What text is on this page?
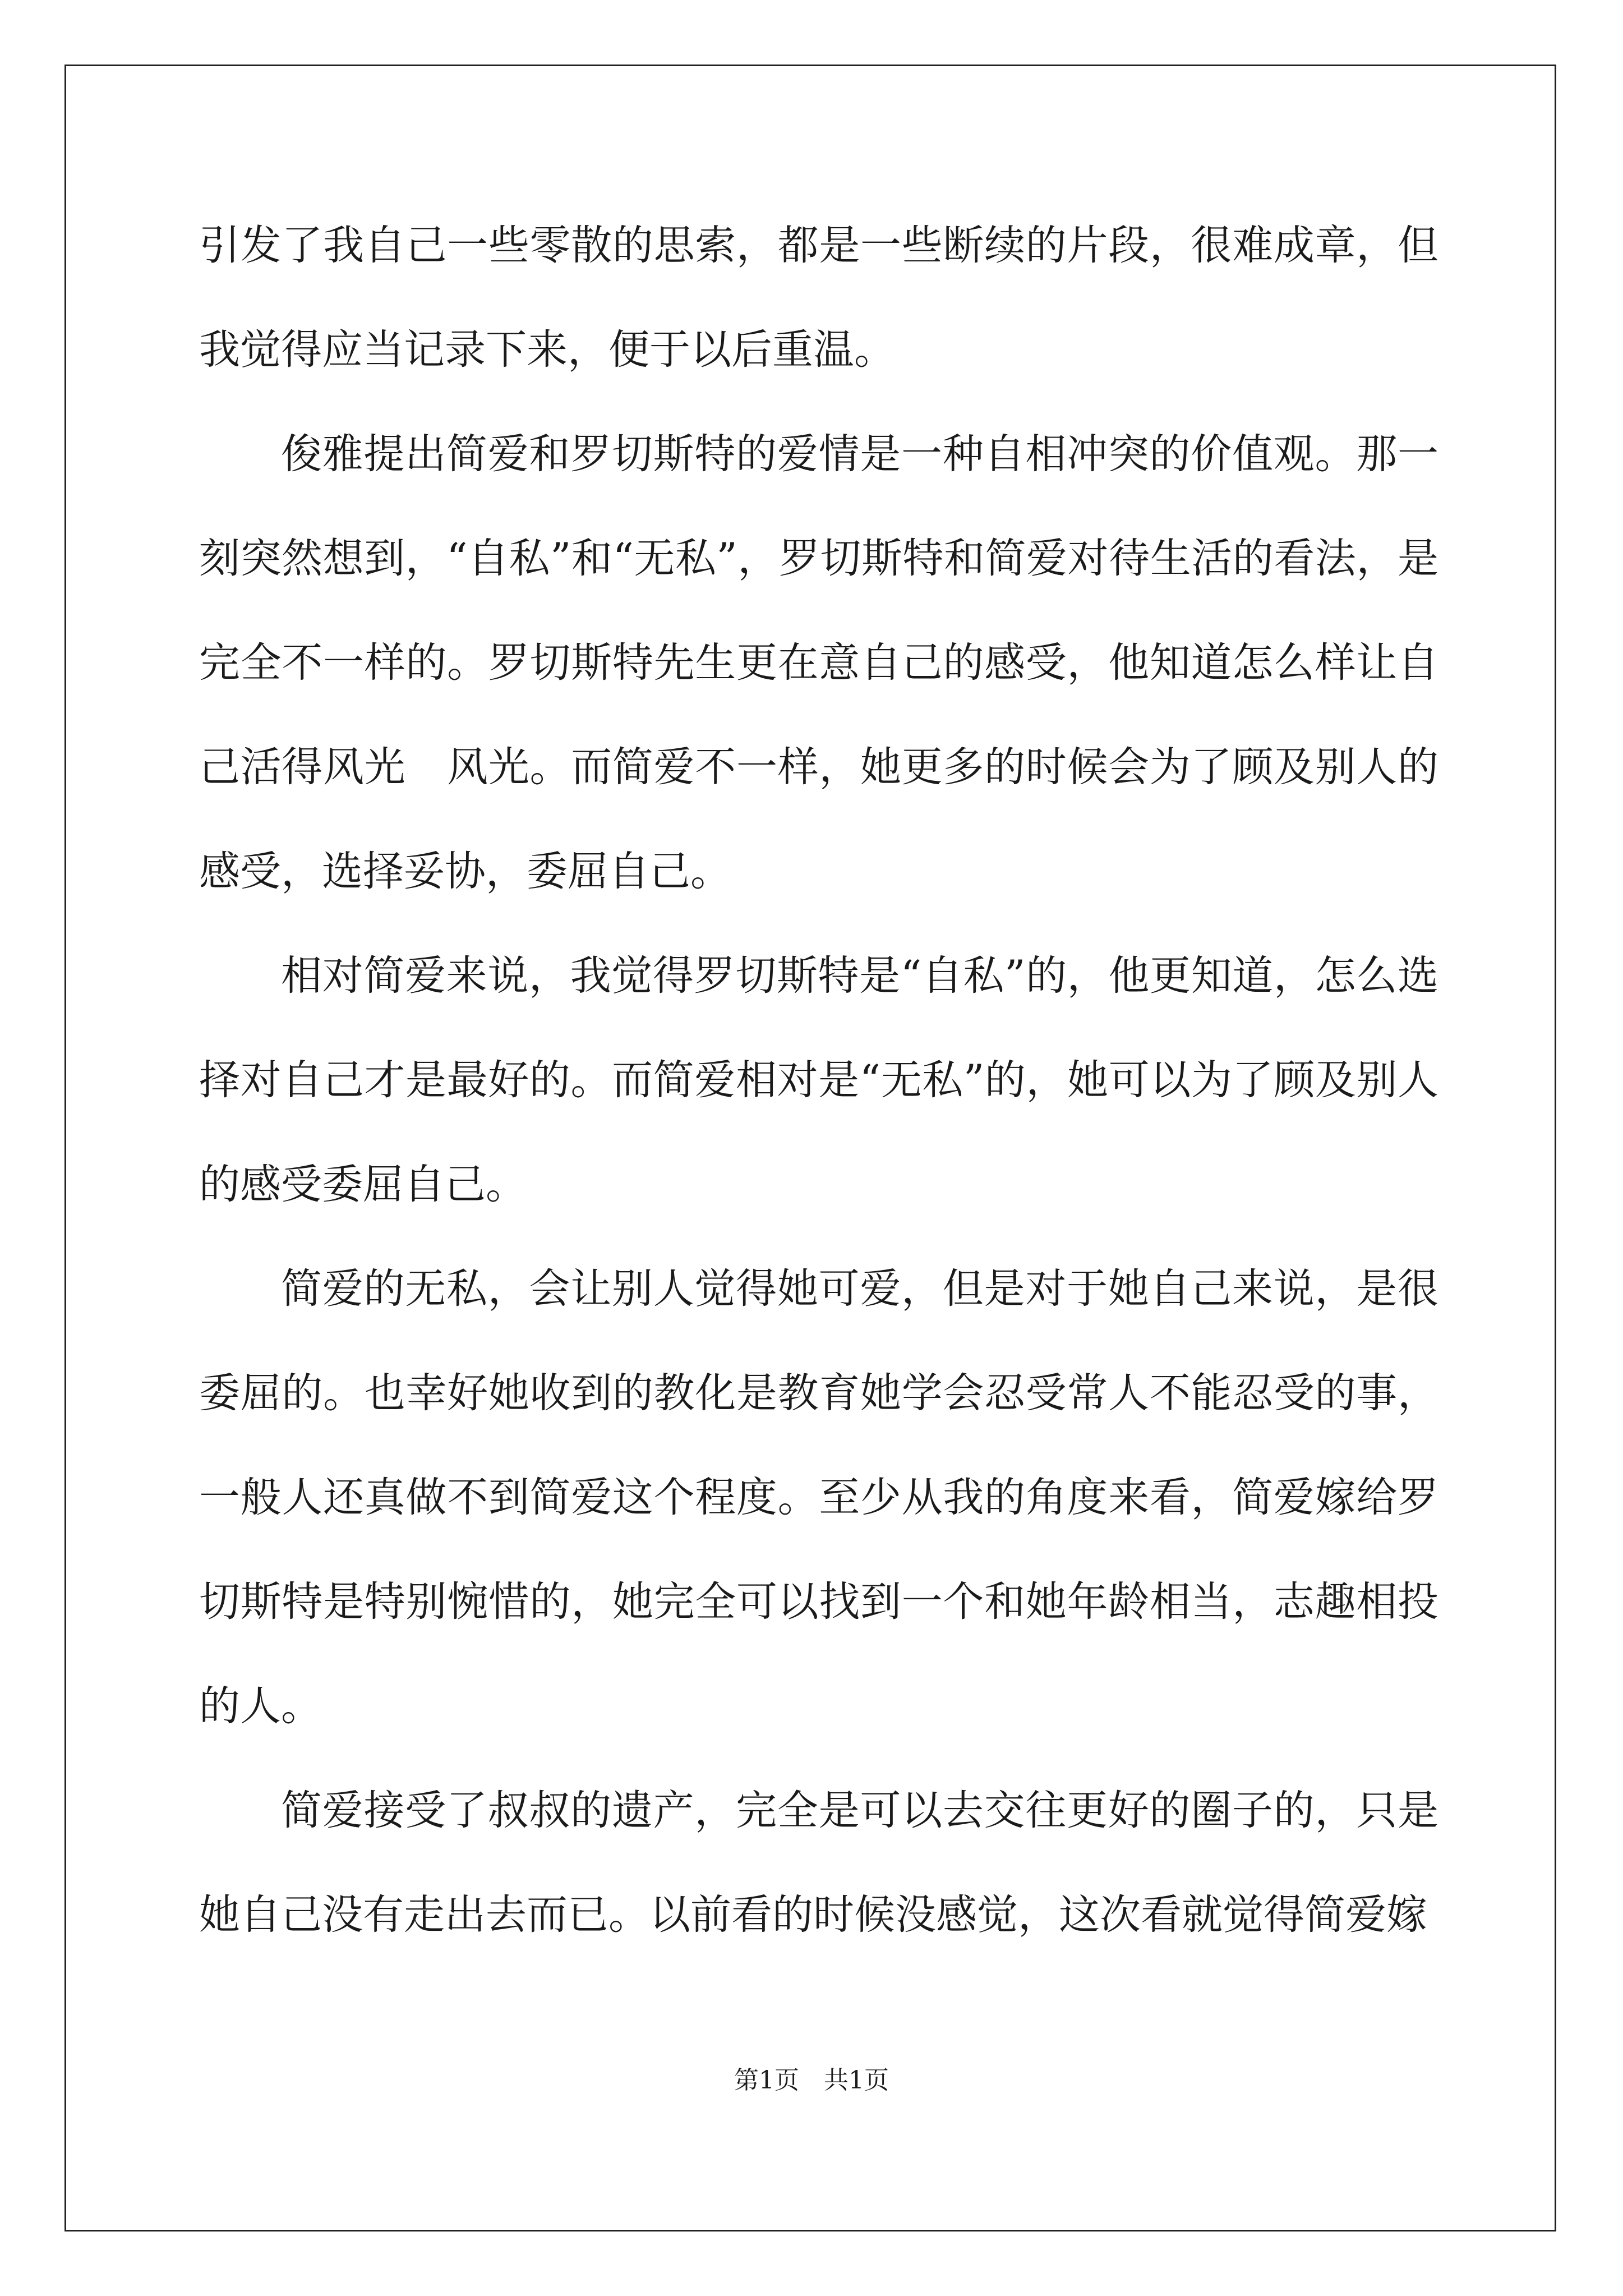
引发了我自己一些零散的思索，都是一些断续的片段，很难成章，但我觉得应当记录下来，便于以后重温。

俊雅提出简爱和罗切斯特的爱情是一种自相冲突的价值观。那一刻突然想到，“自私”和“无私”，罗切斯特和简爱对待生活的看法，是完全不一样的。罗切斯特先生更在意自己的感受，他知道怎么样让自己活得风光　风光。而简爱不一样，她更多的时候会为了顾及别人的感受，选择妥协，委屈自己。

相对简爱来说，我觉得罗切斯特是“自私”的，他更知道，怎么选择对自己才是最好的。而简爱相对是“无私”的，她可以为了顾及别人的感受委屈自己。

简爱的无私，会让别人觉得她可爱，但是对于她自己来说，是很委屈的。也幸好她收到的教化是教育她学会忍受常人不能忍受的事，一般人还真做不到简爱这个程度。至少从我的角度来看，简爱嫁给罗切斯特是特别惋惜的，她完全可以找到一个和她年龄相当，志趣相投的人。

简爱接受了叔叔的遗产，完全是可以去交往更好的圈子的，只是她自己没有走出去而已。以前看的时候没感觉，这次看就觉得简爱嫁

第1页　共1页
